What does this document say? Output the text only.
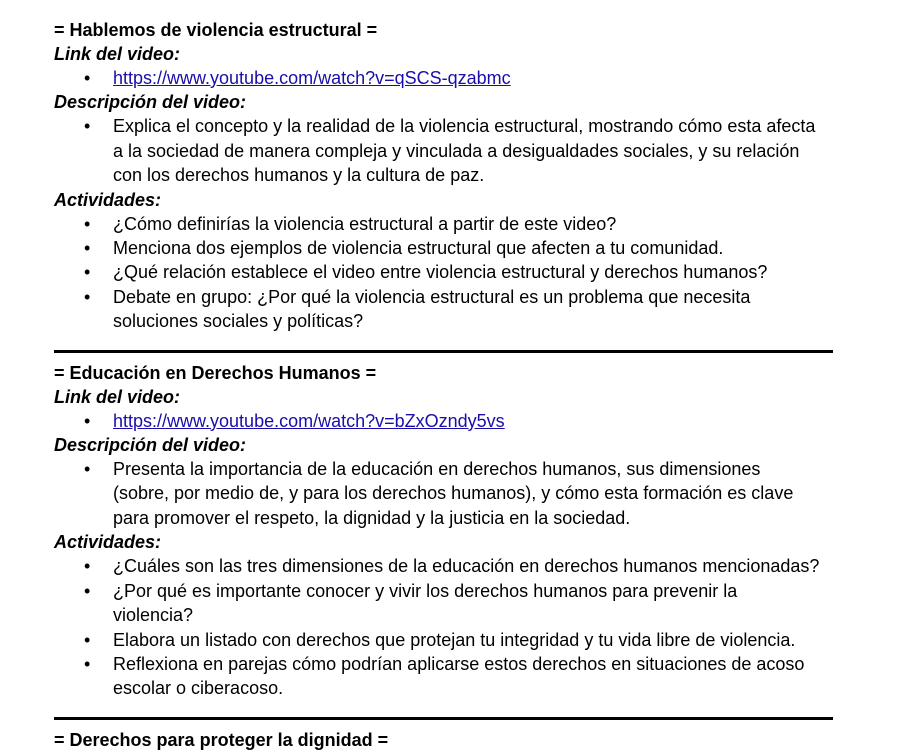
= Hablemos de violencia estructural =
Link del video:
• https://www.youtube.com/watch?v=qSCS-qzabmc
Descripción del video:
• Explica el concepto y la realidad de la violencia estructural, mostrando cómo esta afecta
a la sociedad de manera compleja y vinculada a desigualdades sociales, y su relación
con los derechos humanos y la cultura de paz.
Actividades:
• ¿Cómo definirías la violencia estructural a partir de este video?
• Menciona dos ejemplos de violencia estructural que afecten a tu comunidad.
• ¿Qué relación establece el video entre violencia estructural y derechos humanos?
• Debate en grupo: ¿Por qué la violencia estructural es un problema que necesita
soluciones sociales y políticas?
= Educación en Derechos Humanos =
Link del video:
• https://www.youtube.com/watch?v=bZxOzndy5vs
Descripción del video:
• Presenta la importancia de la educación en derechos humanos, sus dimensiones
(sobre, por medio de, y para los derechos humanos), y cómo esta formación es clave
para promover el respeto, la dignidad y la justicia en la sociedad.
Actividades:
• ¿Cuáles son las tres dimensiones de la educación en derechos humanos mencionadas?
• ¿Por qué es importante conocer y vivir los derechos humanos para prevenir la
violencia?
• Elabora un listado con derechos que protejan tu integridad y tu vida libre de violencia.
• Reflexiona en parejas cómo podrían aplicarse estos derechos en situaciones de acoso
escolar o ciberacoso.
= Derechos para proteger la dignidad =
